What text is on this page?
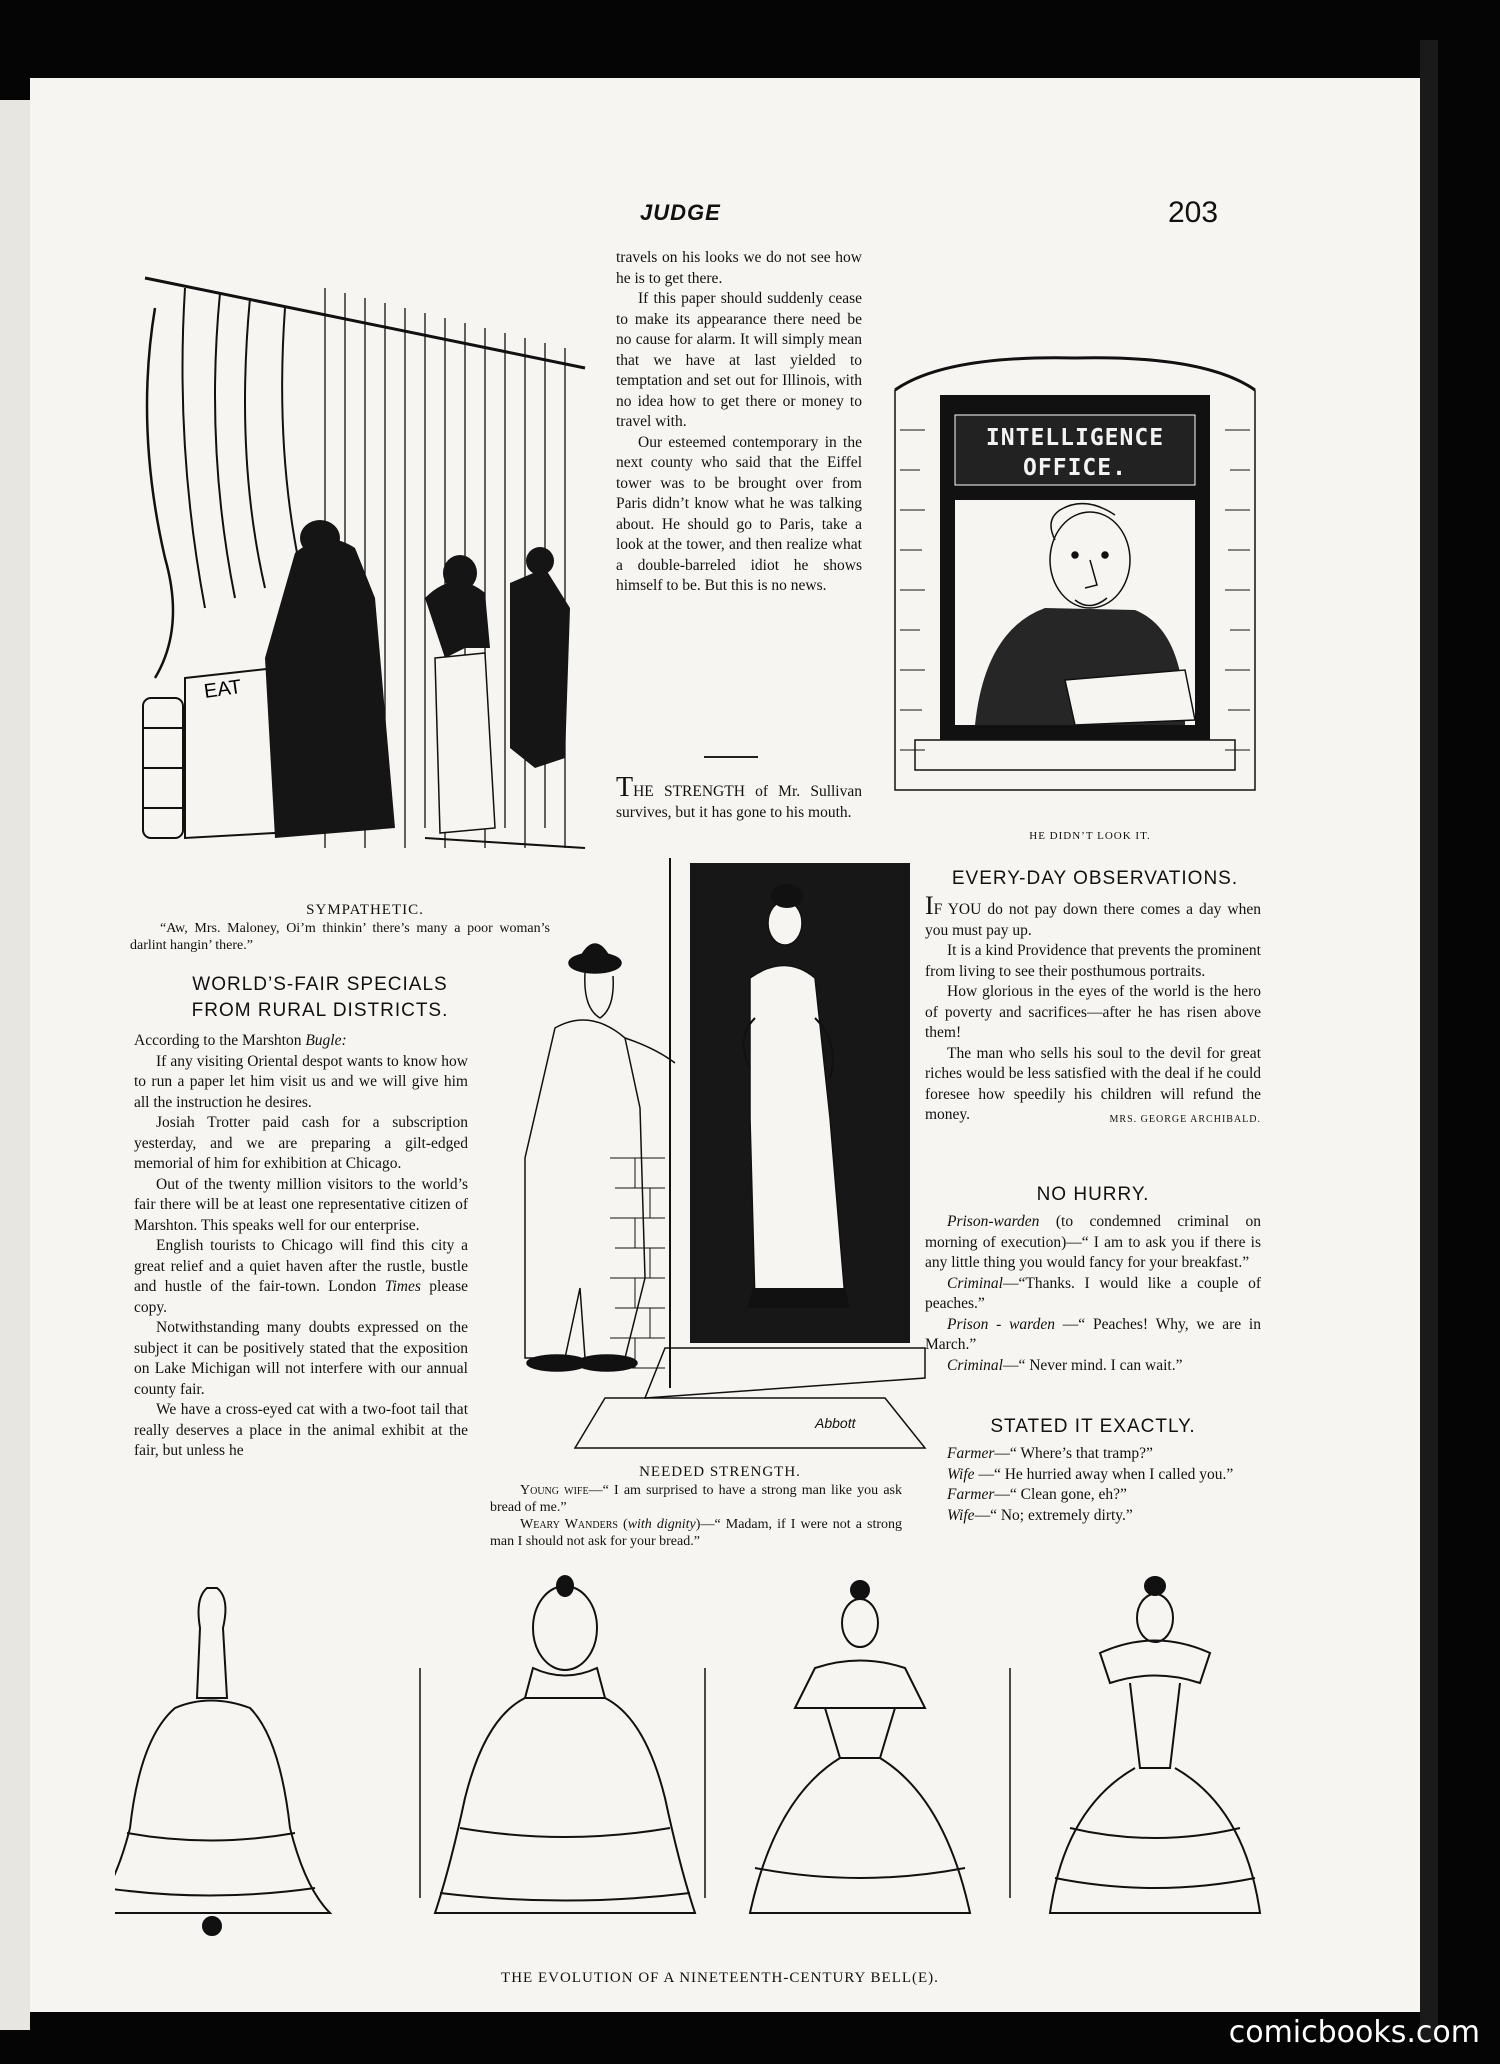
JUDGE	203
EAT
SYMPATHETIC.
“Aw, Mrs. Maloney, Oi’m thinkin’ there’s many a poor woman’s darlint hangin’ there.”

travels on his looks we do not see how he is to get there.

If this paper should suddenly cease to make its appearance there need be no cause for alarm. It will simply mean that we have at last yielded to temptation and set out for Illinois, with no idea how to get there or money to travel with.

Our esteemed contemporary in the next county who said that the Eiffel tower was to be brought over from Paris didn’t know what he was talking about. He should go to Paris, take a look at the tower, and then realize what a double-barreled idiot he shows himself to be. But this is no news.

THE STRENGTH of Mr. Sullivan survives, but it has gone to his mouth.

INTELLIGENCE
OFFICE.
HE DIDN’T LOOK IT.
WORLD’S-FAIR SPECIALS
FROM RURAL DISTRICTS.

According to the Marshton Bugle:

If any visiting Oriental despot wants to know how to run a paper let him visit us and we will give him all the instruction he desires.

Josiah Trotter paid cash for a subscription yesterday, and we are preparing a gilt-edged memorial of him for exhibition at Chicago.

Out of the twenty million visitors to the world’s fair there will be at least one representative citizen of Marshton. This speaks well for our enterprise.

English tourists to Chicago will find this city a great relief and a quiet haven after the rustle, bustle and hustle of the fair-town. London Times please copy.

Notwithstanding many doubts expressed on the subject it can be positively stated that the exposition on Lake Michigan will not interfere with our annual county fair.

We have a cross-eyed cat with a two-foot tail that really deserves a place in the animal exhibit at the fair, but unless he

Abbott
NEEDED STRENGTH.
Young wife—“ I am surprised to have a strong man like you ask bread of me.”
Weary Wanders (with dignity)—“ Madam, if I were not a strong man I should not ask for your bread.”
EVERY-DAY OBSERVATIONS.

IF YOU do not pay down there comes a day when you must pay up.

It is a kind Providence that prevents the prominent from living to see their posthumous portraits.

How glorious in the eyes of the world is the hero of poverty and sacrifices—after he has risen above them!

The man who sells his soul to the devil for great riches would be less satisfied with the deal if he could foresee how speedily his children will refund the money.	MRS. GEORGE ARCHIBALD.
NO HURRY.

Prison-warden (to condemned criminal on morning of execution)—“ I am to ask you if there is any little thing you would fancy for your breakfast.”

Criminal—“Thanks. I would like a couple of peaches.”

Prison - warden —“ Peaches! Why, we are in March.”

Criminal—“ Never mind. I can wait.”

STATED IT EXACTLY.

Farmer—“ Where’s that tramp?”

Wife —“ He hurried away when I called you.”

Farmer—“ Clean gone, eh?”

Wife—“ No; extremely dirty.”

THE EVOLUTION OF A NINETEENTH-CENTURY BELL(E).
comicbooks.com
